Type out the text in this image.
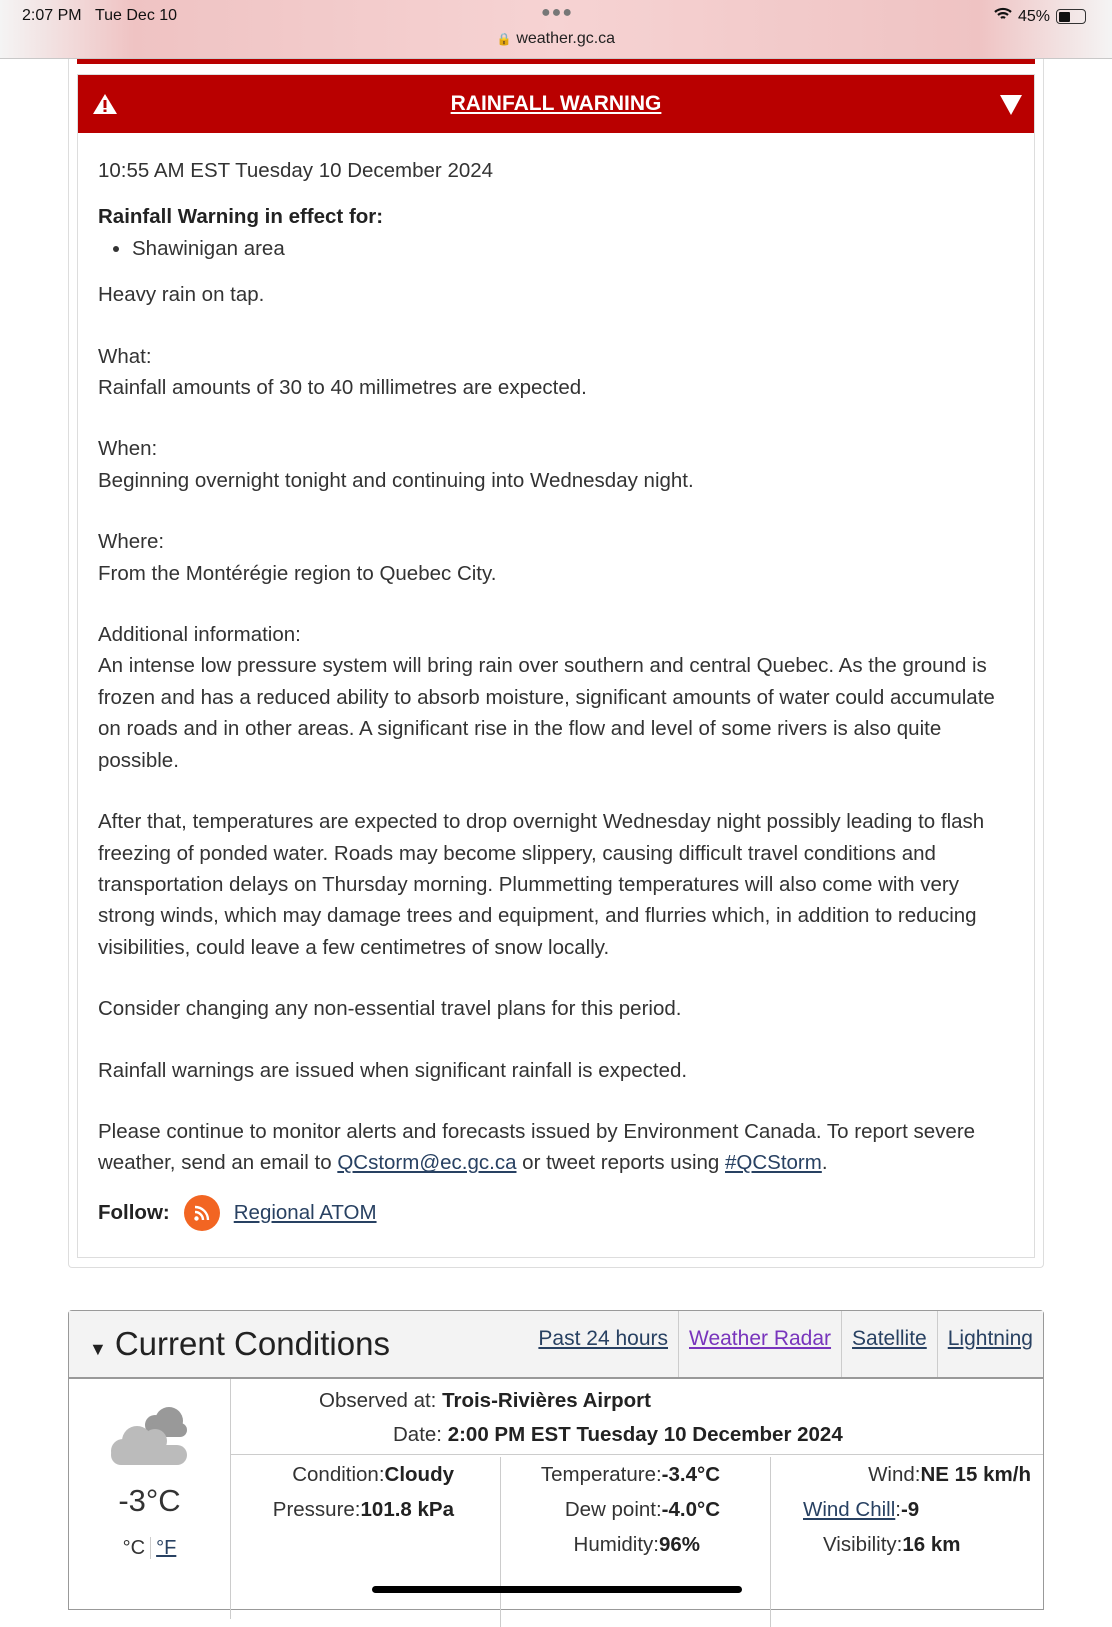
2:07 PM Tue Dec 10	●●●
🔒 weather.gc.ca
45%
RAINFALL WARNING

10:55 AM EST Tuesday 10 December 2024

Rainfall Warning in effect for:

• Shawinigan area

Heavy rain on tap.

What:
Rainfall amounts of 30 to 40 millimetres are expected.

When:
Beginning overnight tonight and continuing into Wednesday night.

Where:
From the Montérégie region to Quebec City.

Additional information:
An intense low pressure system will bring rain over southern and central Quebec. As the ground is frozen and has a reduced ability to absorb moisture, significant amounts of water could accumulate on roads and in other areas. A significant rise in the flow and level of some rivers is also quite possible.

After that, temperatures are expected to drop overnight Wednesday night possibly leading to flash freezing of ponded water. Roads may become slippery, causing difficult travel conditions and transportation delays on Thursday morning. Plummetting temperatures will also come with very strong winds, which may damage trees and equipment, and flurries which, in addition to reducing visibilities, could leave a few centimetres of snow locally.

Consider changing any non-essential travel plans for this period.

Rainfall warnings are issued when significant rainfall is expected.

Please continue to monitor alerts and forecasts issued by Environment Canada. To report severe weather, send an email to QCstorm@ec.gc.ca or tweet reports using #QCStorm.

Follow:	Regional ATOM
▼ Current Conditions	Past 24 hours	Weather Radar	Satellite	Lightning
-3°C
°C °F
Observed at: Trois-Rivières Airport
Date: 2:00 PM EST Tuesday 10 December 2024
Condition:Cloudy
Pressure:101.8 kPa
Temperature:-3.4°C
Dew point:-4.0°C
Humidity:96%
Wind:NE 15 km/h
Wind Chill:-9
Visibility:16 km
